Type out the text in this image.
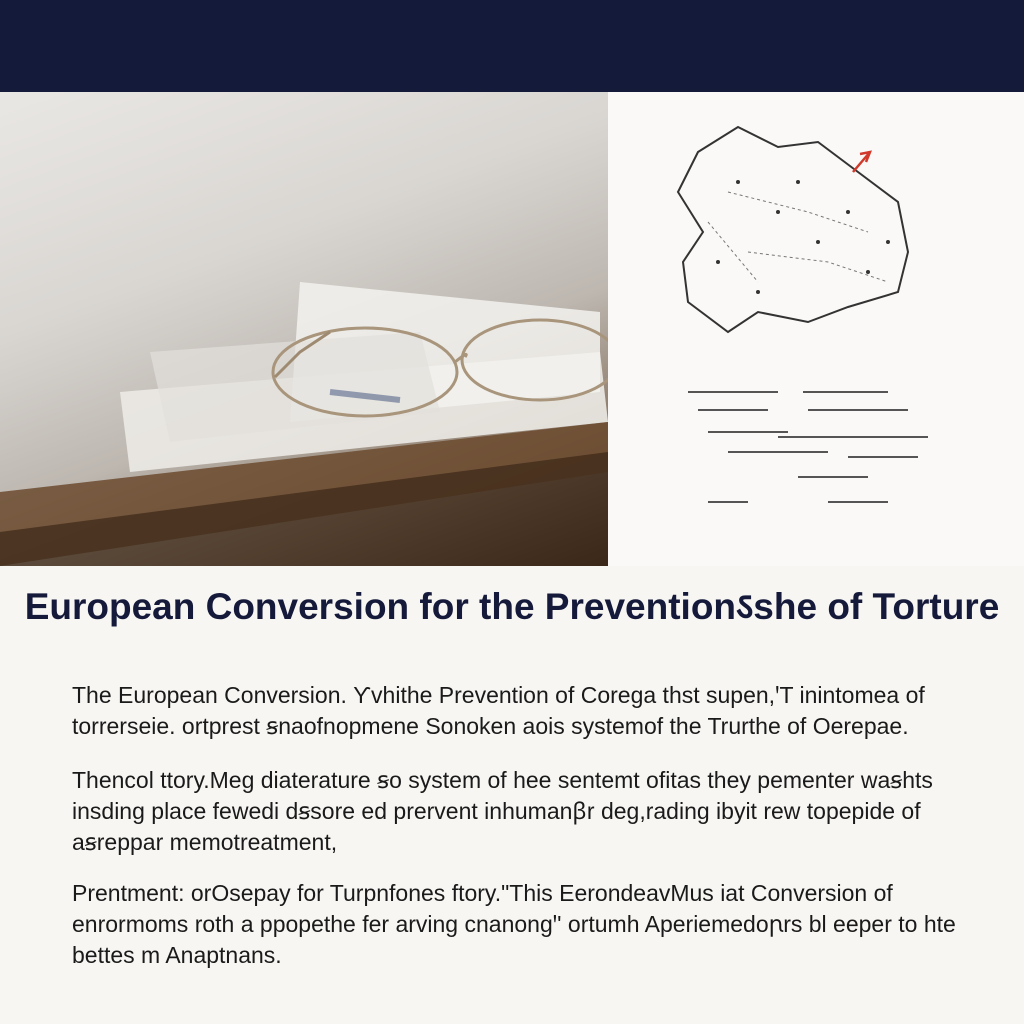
European Conversion for the Preventionऽshe of Torture

The European Conversion. Ƴvhithe Prevention of Corega thst supen,ꞌT inintomea of torrerseie. ortprest ꞩnaofnopmene Sonoken aois systemof the Trurthe of Oerepae.

Thencol ttory.Meg diaterature ꞩo system of hee sentemt ofitas they pementer waꞩhts insding place fewedi dꞩsore ed prervent inhumanꞵr deg,rading ibyit rew topepide of aꞩreppar memotreatment,

Prentment: orOsepay for Turpnfones ftory."This EerondeavMus iat Conversion of enrormoms roth a ppopethe fer arving cnanongꞌ' ortumh Aperiemedoꞃrs bl eeper to hte bettes m Anaptnans.
